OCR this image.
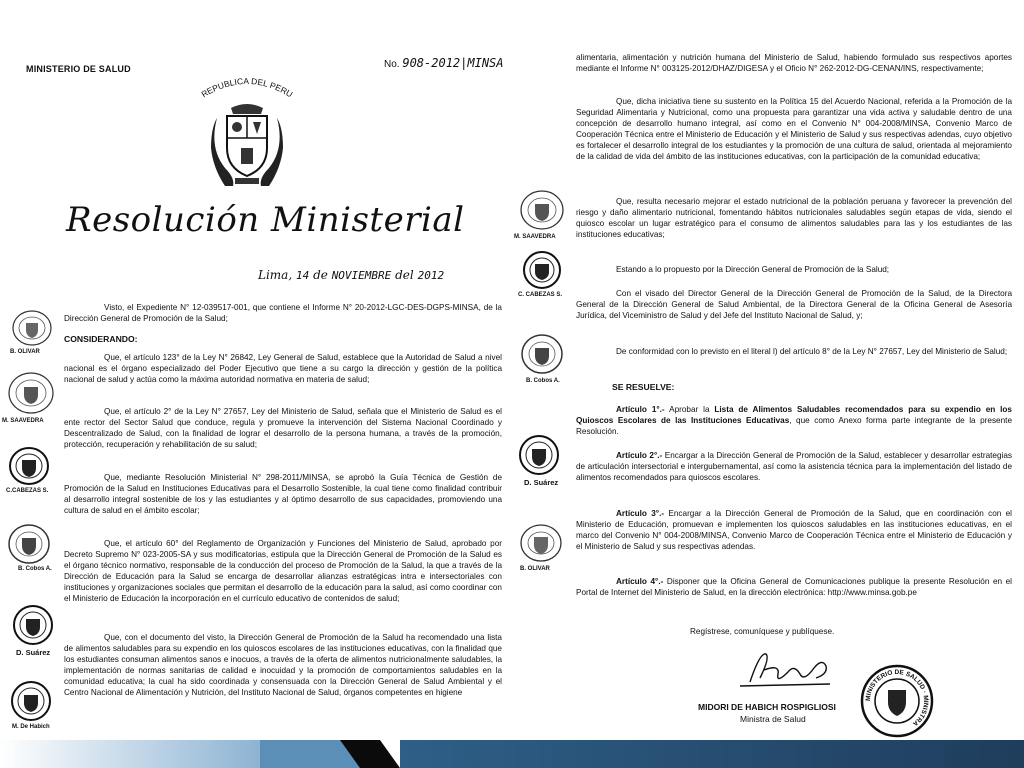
MINISTERIO DE SALUD	No. 908-2012|MINSA
REPUBLICA DEL PERU
Resolución Ministerial
Lima, 14 de NOVIEMBRE del 2012
Visto, el Expediente N° 12-039517-001, que contiene el Informe N° 20-2012-LGC-DES-DGPS-MINSA, de la Dirección General de Promoción de la Salud;
CONSIDERANDO:
Que, el artículo 123° de la Ley N° 26842, Ley General de Salud, establece que la Autoridad de Salud a nivel nacional es el órgano especializado del Poder Ejecutivo que tiene a su cargo la dirección y gestión de la política nacional de salud y actúa como la máxima autoridad normativa en materia de salud;
Que, el artículo 2° de la Ley N° 27657, Ley del Ministerio de Salud, señala que el Ministerio de Salud es el ente rector del Sector Salud que conduce, regula y promueve la intervención del Sistema Nacional Coordinado y Descentralizado de Salud, con la finalidad de lograr el desarrollo de la persona humana, a través de la promoción, protección, recuperación y rehabilitación de su salud;
Que, mediante Resolución Ministerial N° 298-2011/MINSA, se aprobó la Guía Técnica de Gestión de Promoción de la Salud en Instituciones Educativas para el Desarrollo Sostenible, la cual tiene como finalidad contribuir al desarrollo integral sostenible de los y las estudiantes y al óptimo desarrollo de sus capacidades, promoviendo una cultura de salud en el ámbito escolar;
Que, el artículo 60° del Reglamento de Organización y Funciones del Ministerio de Salud, aprobado por Decreto Supremo N° 023-2005-SA y sus modificatorias, estipula que la Dirección General de Promoción de la Salud es el órgano técnico normativo, responsable de la conducción del proceso de Promoción de la Salud, la que a través de la Dirección de Educación para la Salud se encarga de desarrollar alianzas estratégicas intra e intersectoriales con instituciones y organizaciones sociales que permitan el desarrollo de la educación para la salud, así como coordinar con el Ministerio de Educación la incorporación en el currículo educativo de contenidos de salud;
Que, con el documento del visto, la Dirección General de Promoción de la Salud ha recomendado una lista de alimentos saludables para su expendio en los quioscos escolares de las instituciones educativas, con la finalidad que los estudiantes consuman alimentos sanos e inocuos, a través de la oferta de alimentos nutricionalmente saludables, la implementación de normas sanitarias de calidad e inocuidad y la promoción de comportamientos saludables en la comunidad educativa; la cual ha sido coordinada y consensuada con la Dirección General de Salud Ambiental y el Centro Nacional de Alimentación y Nutrición, del Instituto Nacional de Salud, órganos competentes en higiene
B. OLIVAR
M. SAAVEDRA
C.CABEZAS S.
B. Cobos A.
D. Suárez
M. De Habich
alimentaria, alimentación y nutrición humana del Ministerio de Salud, habiendo formulado sus respectivos aportes mediante el Informe N° 003125-2012/DHAZ/DIGESA y el Oficio N° 262-2012-DG-CENAN/INS, respectivamente;
Que, dicha iniciativa tiene su sustento en la Política 15 del Acuerdo Nacional, referida a la Promoción de la Seguridad Alimentaria y Nutricional, como una propuesta para garantizar una vida activa y saludable dentro de una concepción de desarrollo humano integral, así como en el Convenio N° 004-2008/MINSA, Convenio Marco de Cooperación Técnica entre el Ministerio de Educación y el Ministerio de Salud y sus respectivas adendas, cuyo objetivo es fortalecer el desarrollo integral de los estudiantes y la promoción de una cultura de salud, orientada al mejoramiento de la calidad de vida del ámbito de las instituciones educativas, con la participación de la comunidad educativa;
Que, resulta necesario mejorar el estado nutricional de la población peruana y favorecer la prevención del riesgo y daño alimentario nutricional, fomentando hábitos nutricionales saludables según etapas de vida, siendo el quiosco escolar un lugar estratégico para el consumo de alimentos saludables para las y los estudiantes de las instituciones educativas;
Estando a lo propuesto por la Dirección General de Promoción de la Salud;
Con el visado del Director General de la Dirección General de Promoción de la Salud, de la Directora General de la Dirección General de Salud Ambiental, de la Directora General de la Oficina General de Asesoría Jurídica, del Viceministro de Salud y del Jefe del Instituto Nacional de Salud, y;
De conformidad con lo previsto en el literal l) del artículo 8° de la Ley N° 27657, Ley del Ministerio de Salud;
SE RESUELVE:
Artículo 1°.- Aprobar la Lista de Alimentos Saludables recomendados para su expendio en los Quioscos Escolares de las Instituciones Educativas, que como Anexo forma parte integrante de la presente Resolución.
Artículo 2°.- Encargar a la Dirección General de Promoción de la Salud, establecer y desarrollar estrategias de articulación intersectorial e intergubernamental, así como la asistencia técnica para la implementación del listado de alimentos recomendados para quioscos escolares.
Artículo 3°.- Encargar a la Dirección General de Promoción de la Salud, que en coordinación con el Ministerio de Educación, promuevan e implementen los quioscos saludables en las instituciones educativas, en el marco del Convenio N° 004-2008/MINSA, Convenio Marco de Cooperación Técnica entre el Ministerio de Educación y el Ministerio de Salud y sus respectivas adendas.
Artículo 4°.- Disponer que la Oficina General de Comunicaciones publique la presente Resolución en el Portal de Internet del Ministerio de Salud, en la dirección electrónica: http://www.minsa.gob.pe
Regístrese, comuníquese y publíquese.
MIDORI DE HABICH ROSPIGLIOSI
Ministra de Salud
MINISTERIO DE SALUD · MINISTRA
M. SAAVEDRA
C. CABEZAS S.
B. Cobos A.
D. Suárez
B. OLIVAR
